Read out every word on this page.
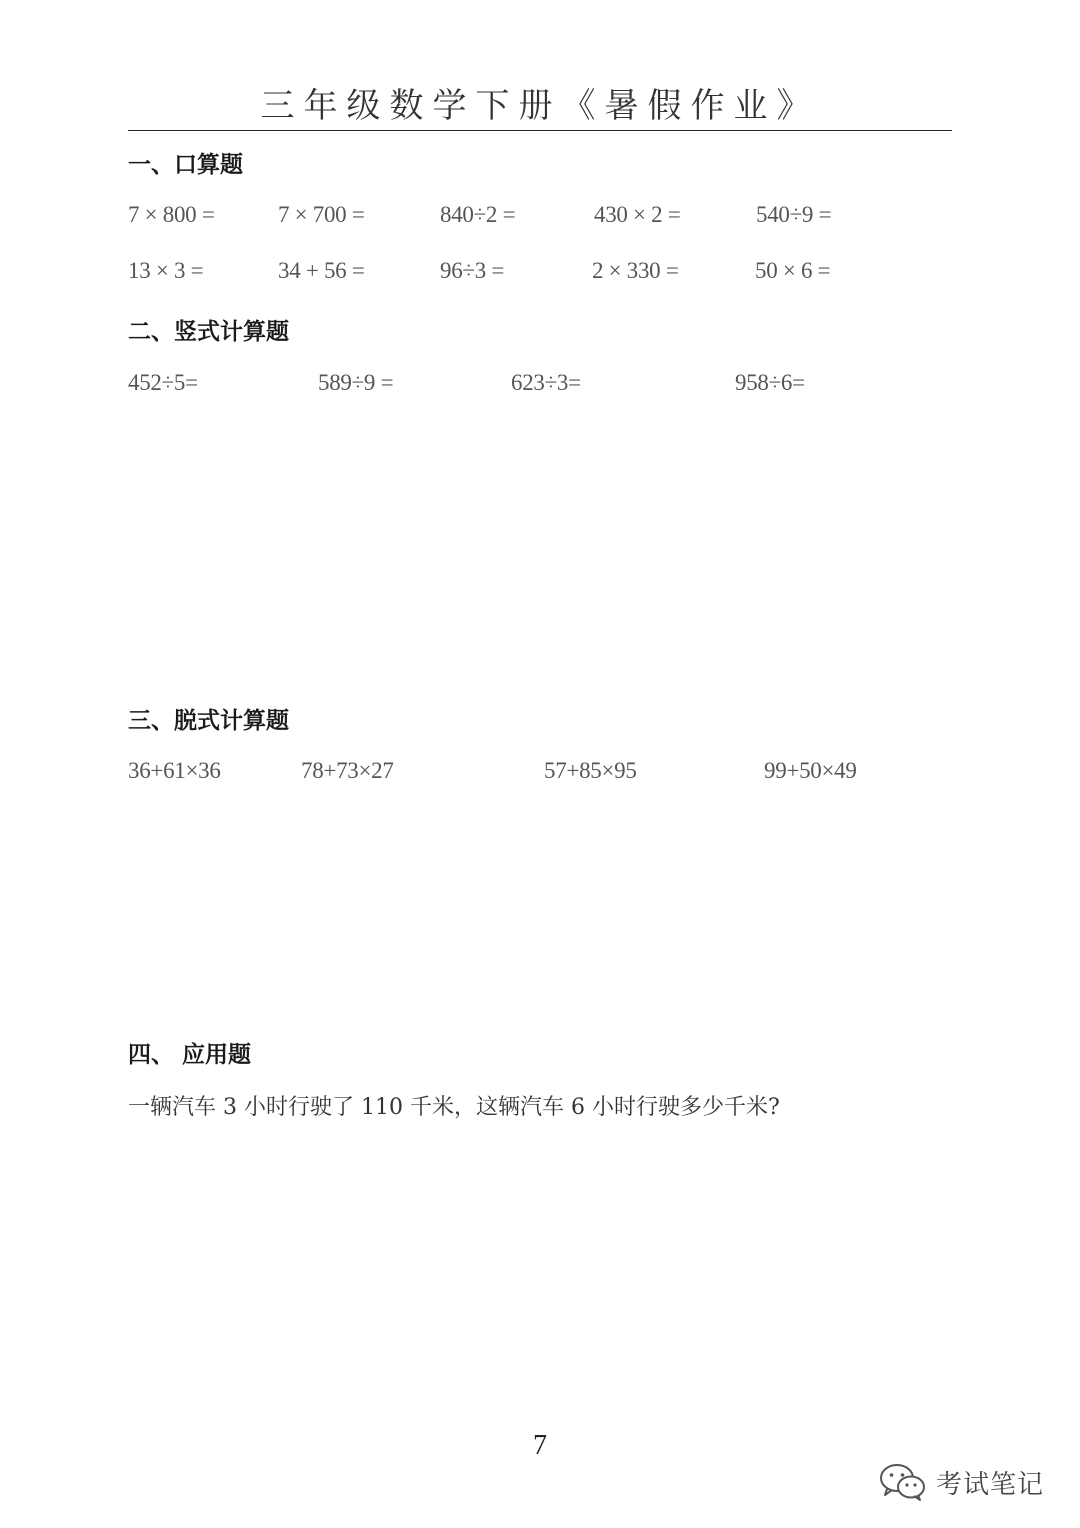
三年级数学下册《暑假作业》
一、口算题
7 × 800 =	7 × 700 =	840÷2 =	430 × 2 =	540÷9 =
13 × 3 =	34 + 56 =	96÷3 =	2 × 330 =	50 × 6 =
二、竖式计算题
452÷5=	589÷9 =	623÷3=	958÷6=
三、脱式计算题
36+61×36	78+73×27	57+85×95	99+50×49
四、 应用题
一辆汽车 3 小时行驶了 110 千米，这辆汽车 6 小时行驶多少千米?
7
考试笔记
